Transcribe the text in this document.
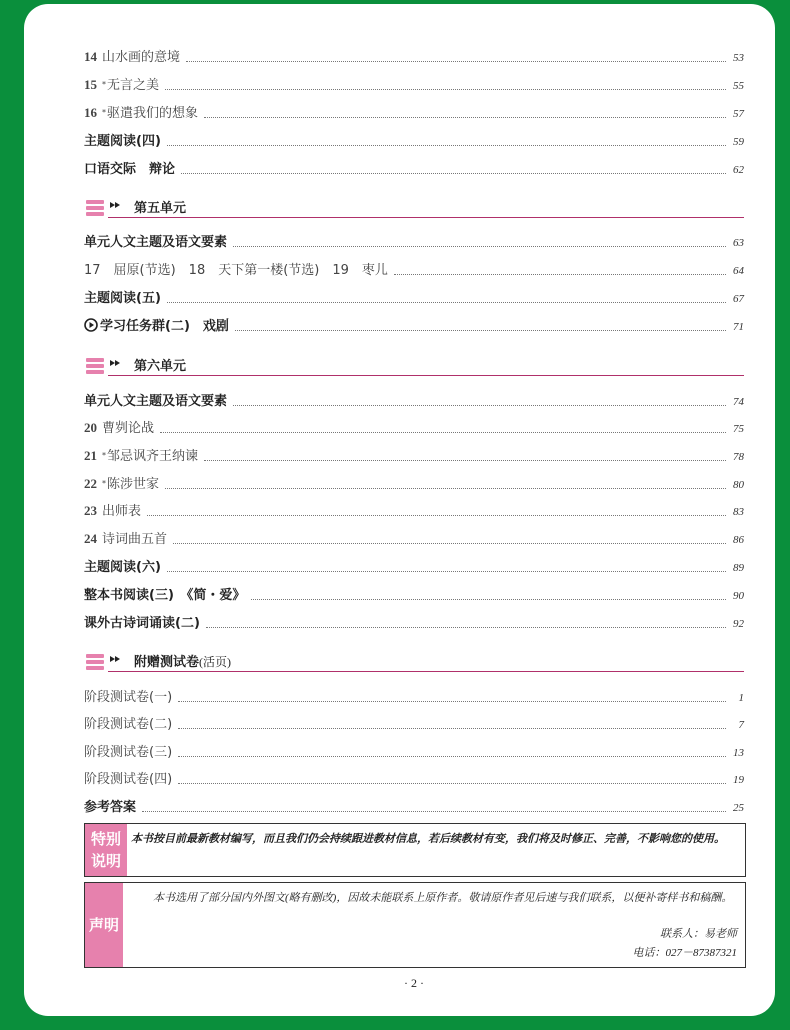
第五单元
第六单元
附赠测试卷(活页)
特别说明
本书按目前最新教材编写，而且我们仍会持续跟进教材信息，若后续教材有变，我们将及时修正、完善，不影响您的使用。
声明
本书选用了部分国内外图文(略有删改)，因故未能联系上原作者。敬请原作者见后速与我们联系，以便补寄样书和稿酬。
联系人：易老师
电话：027－87387321
· 2 ·
14 山水画的意境	53
15 *无言之美	55
16 *驱遣我们的想象	57
主题阅读(四)	59
口语交际　辩论	62
单元人文主题及语文要素	63
17　屈原(节选)　18　天下第一楼(节选)　19　枣儿	64
主题阅读(五)	67
学习任务群(二)　戏剧	71
单元人文主题及语文要素	74
20 曹刿论战	75
21 *邹忌讽齐王纳谏	78
22 *陈涉世家	80
23 出师表	83
24 诗词曲五首	86
主题阅读(六)	89
整本书阅读(三)　《简・爱》	90
课外古诗词诵读(二)	92
阶段测试卷(一)	1
阶段测试卷(二)	7
阶段测试卷(三)	13
阶段测试卷(四)	19
参考答案	25
